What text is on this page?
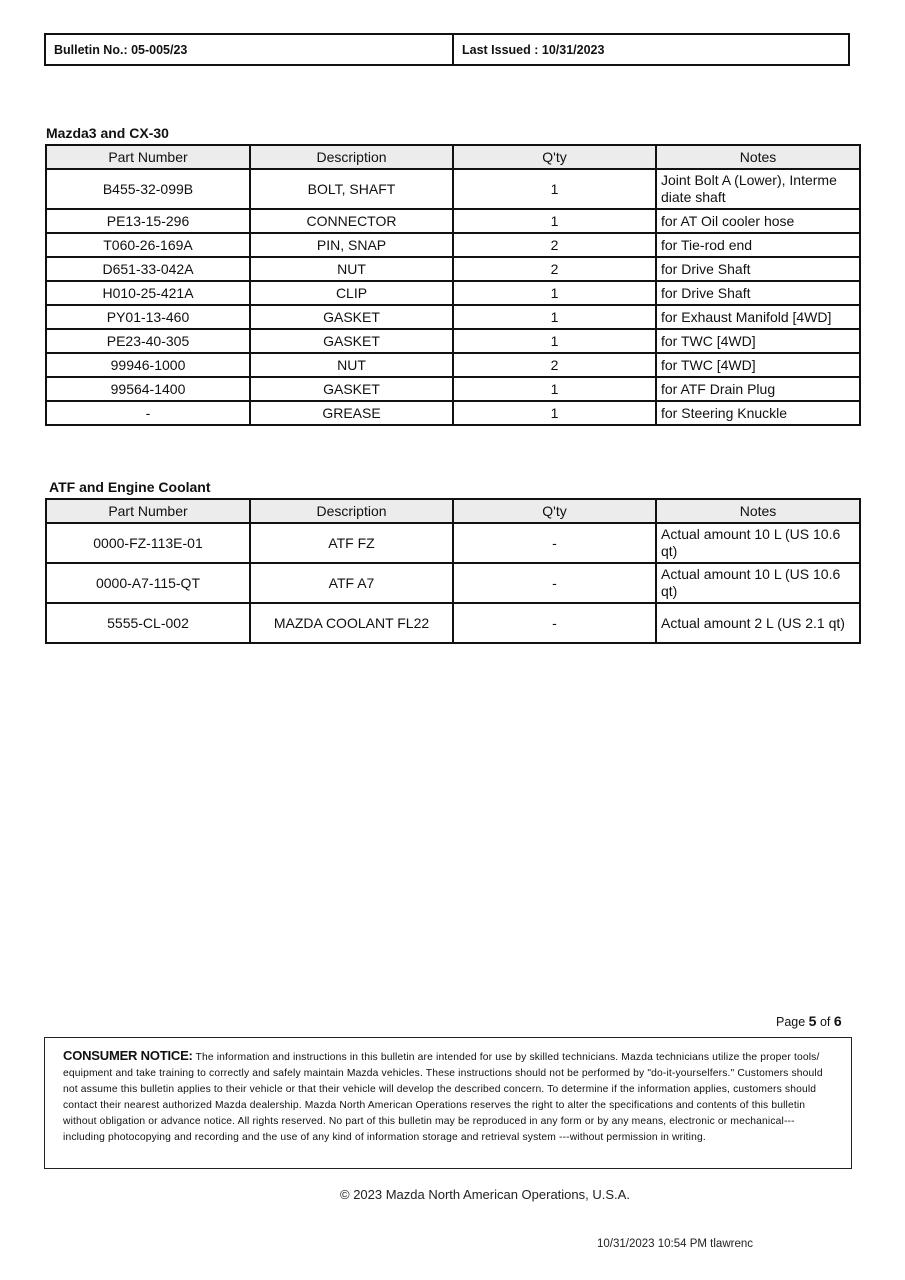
Bulletin No.: 05-005/23	Last Issued : 10/31/2023
Mazda3 and CX-30
Part Number	Description	Q'ty	Notes
B455-32-099B	BOLT, SHAFT	1	Joint Bolt A (Lower), Interme diate shaft
PE13-15-296	CONNECTOR	1	for AT Oil cooler hose
T060-26-169A	PIN, SNAP	2	for Tie-rod end
D651-33-042A	NUT	2	for Drive Shaft
H010-25-421A	CLIP	1	for Drive Shaft
PY01-13-460	GASKET	1	for Exhaust Manifold [4WD]
PE23-40-305	GASKET	1	for TWC [4WD]
99946-1000	NUT	2	for TWC [4WD]
99564-1400	GASKET	1	for ATF Drain Plug
-	GREASE	1	for Steering Knuckle
ATF and Engine Coolant
Part Number	Description	Q'ty	Notes
0000-FZ-113E-01	ATF FZ	-	Actual amount 10 L (US 10.6 qt)
0000-A7-115-QT	ATF A7	-	Actual amount 10 L (US 10.6 qt)
5555-CL-002	MAZDA COOLANT FL22	-	Actual amount 2 L (US 2.1 qt)
Page 5 of 6
CONSUMER NOTICE: The information and instructions in this bulletin are intended for use by skilled technicians. Mazda technicians utilize the proper tools/ equipment and take training to correctly and safely maintain Mazda vehicles. These instructions should not be performed by "do-it-yourselfers." Customers should not assume this bulletin applies to their vehicle or that their vehicle will develop the described concern. To determine if the information applies, customers should contact their nearest authorized Mazda dealership. Mazda North American Operations reserves the right to alter the specifications and contents of this bulletin without obligation or advance notice. All rights reserved. No part of this bulletin may be reproduced in any form or by any means, electronic or mechanical---including photocopying and recording and the use of any kind of information storage and retrieval system ---without permission in writing.
© 2023 Mazda North American Operations, U.S.A.
10/31/2023 10:54 PM tlawrenc
